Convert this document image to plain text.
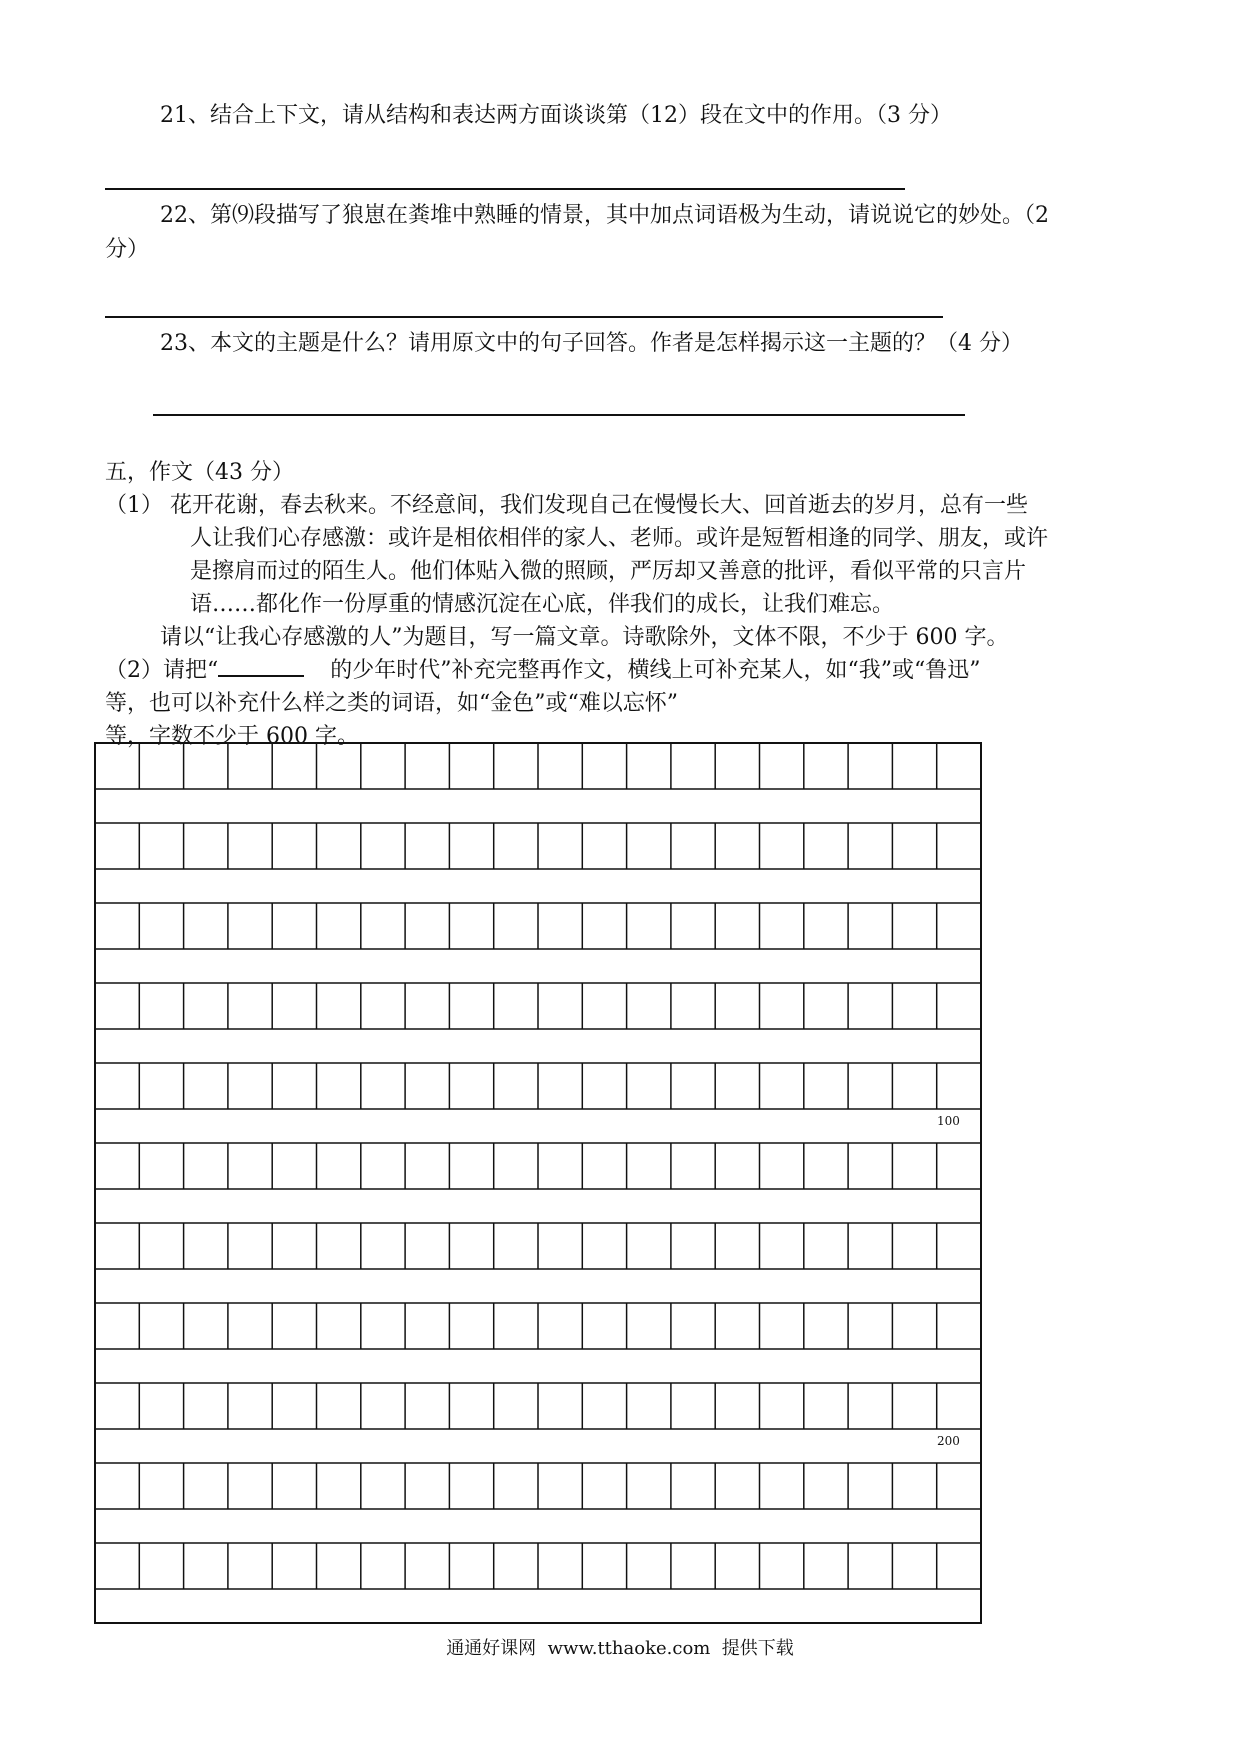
21、结合上下文，请从结构和表达两方面谈谈第（12）段在文中的作用。（3 分）
22、第⑼段描写了狼崽在粪堆中熟睡的情景，其中加点词语极为生动，请说说它的妙处。（2
分）
23、本文的主题是什么？请用原文中的句子回答。作者是怎样揭示这一主题的？（4 分）
五，作文（43 分）
（1） 花开花谢，春去秋来。不经意间，我们发现自己在慢慢长大、回首逝去的岁月，总有一些
人让我们心存感激：或许是相依相伴的家人、老师。或许是短暂相逢的同学、朋友，或许
是擦肩而过的陌生人。他们体贴入微的照顾，严厉却又善意的批评，看似平常的只言片
语……都化作一份厚重的情感沉淀在心底，伴我们的成长，让我们难忘。
请以“让我心存感激的人”为题目，写一篇文章。诗歌除外，文体不限，不少于 600 字。
（2）请把“	的少年时代”补充完整再作文，横线上可补充某人，如“我”或“鲁迅”
等，也可以补充什么样之类的词语，如“金色”或“难以忘怀”
等，字数不少于 600 字。
100
200
通通好课网 www.tthaoke.com 提供下载
